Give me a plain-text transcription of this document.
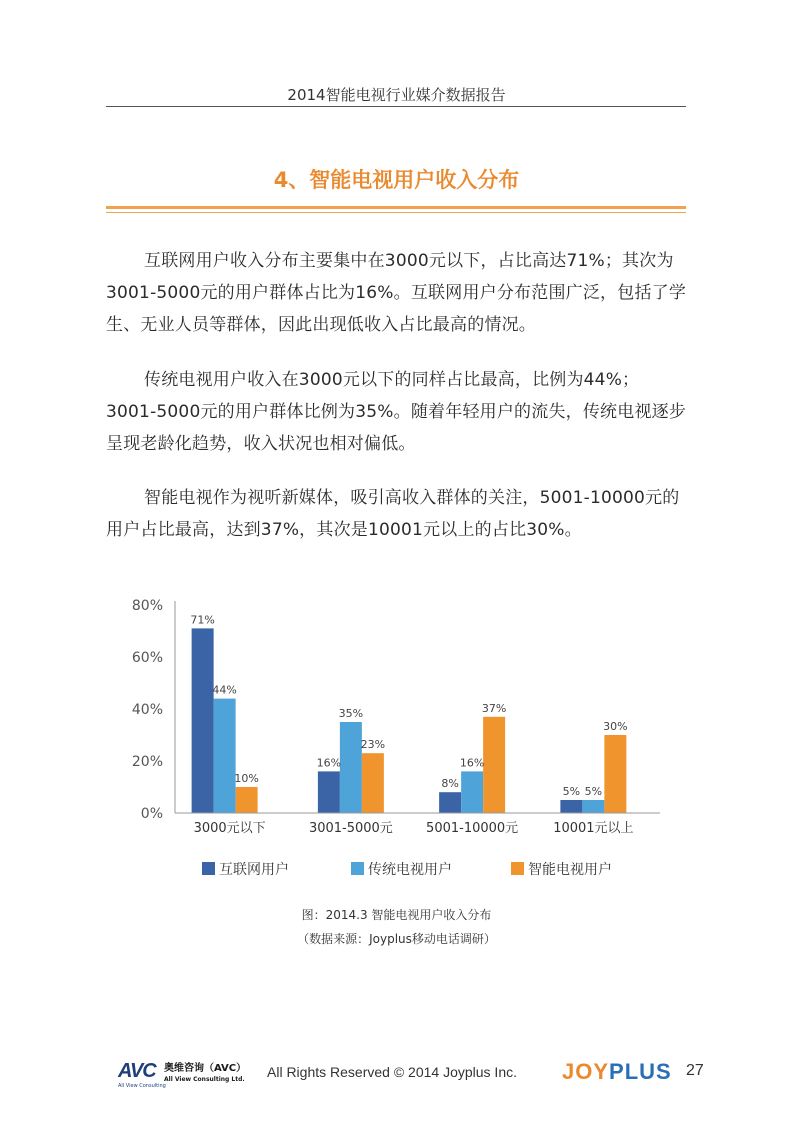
2014智能电视行业媒介数据报告
4、智能电视用户收入分布

互联网用户收入分布主要集中在3000元以下，占比高达71%；其次为3001-5000元的用户群体占比为16%。互联网用户分布范围广泛，包括了学生、无业人员等群体，因此出现低收入占比最高的情况。

传统电视用户收入在3000元以下的同样占比最高，比例为44%；3001-5000元的用户群体比例为35%。随着年轻用户的流失，传统电视逐步呈现老龄化趋势，收入状况也相对偏低。

智能电视作为视听新媒体，吸引高收入群体的关注，5001-10000元的用户占比最高，达到37%，其次是10001元以上的占比30%。

0%
20%
40%
60%
80%
71%
44%
10%
16%
35%
23%
8%
16%
37%
5% 5%
30%
3000元以下	3001-5000元	5001-10000元	10001元以上
互联网用户	传统电视用户	智能电视用户
图：2014.3 智能电视用户收入分布
（数据来源：Joyplus移动电话调研）
AVC
All View Consulting
奥维咨询（AVC）
All View Consulting Ltd. All Rights Reserved © 2014 Joyplus Inc. JOYPLUS 27
